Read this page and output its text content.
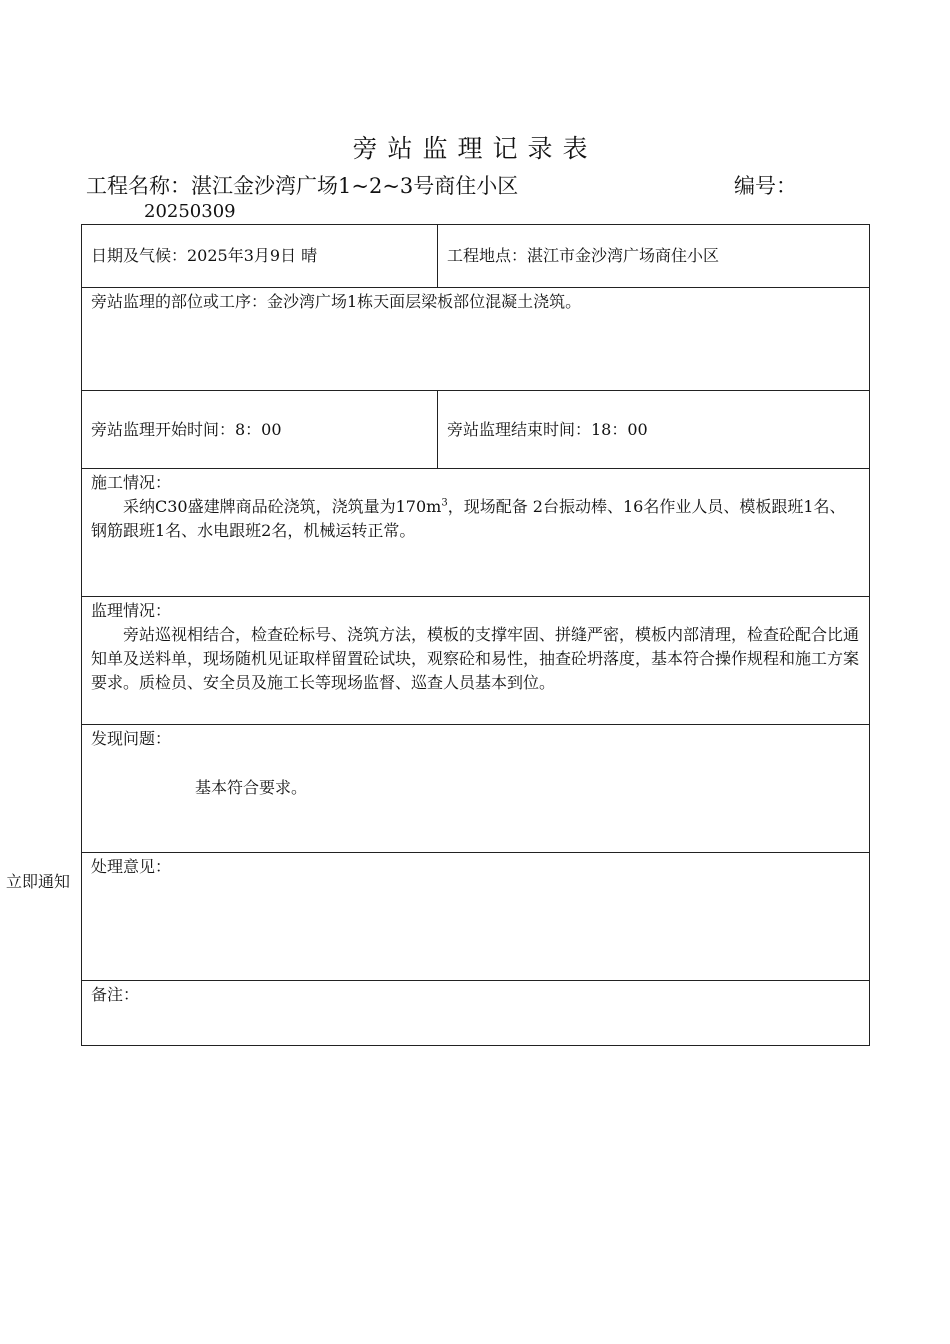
旁站监理记录表
工程名称：湛江金沙湾广场1~2~3号商住小区	编号：
20250309
立即通知
日期及气候：2025年3月9日 晴	工程地点：湛江市金沙湾广场商住小区
旁站监理的部位或工序：金沙湾广场1栋天面层梁板部位混凝土浇筑。	
旁站监理开始时间：8：00	旁站监理结束时间：18：00

施工情况：
采纳C30盛建牌商品砼浇筑，浇筑量为$170m^3$，现场配备 2台振动棒、16名作业人员、模板跟班1名、钢筋跟班1名、水电跟班2名，机械运转正常。	

监理情况：
旁站巡视相结合，检查砼标号、浇筑方法，模板的支撑牢固、拼缝严密，模板内部清理，检查砼配合比通知单及送料单，现场随机见证取样留置砼试块，观察砼和易性，抽查砼坍落度，基本符合操作规程和施工方案要求。质检员、安全员及施工长等现场监督、巡查人员基本到位。	

发现问题：
基本符合要求。	

处理意见：	

备注：	
